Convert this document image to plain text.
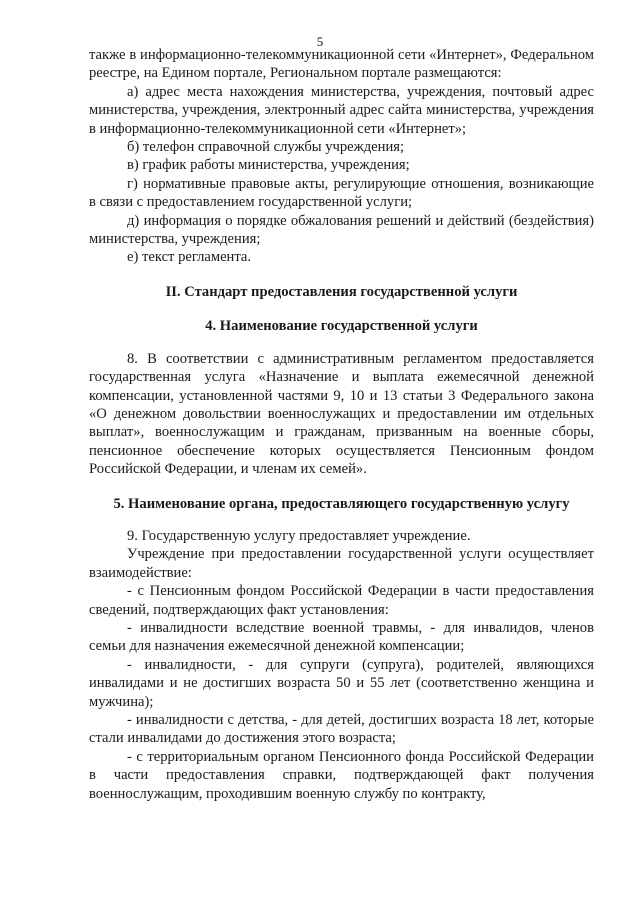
5

также в информационно-телекоммуникационной сети «Интернет», Федеральном реестре, на Едином портале, Региональном портале размещаются:

а) адрес места нахождения министерства, учреждения, почтовый адрес министерства, учреждения, электронный адрес сайта министерства, учреждения в информационно-телекоммуникационной сети «Интернет»;

б) телефон справочной службы учреждения;

в) график работы министерства, учреждения;

г) нормативные правовые акты, регулирующие отношения, возникающие в связи с предоставлением государственной услуги;

д) информация о порядке обжалования решений и действий (бездействия) министерства, учреждения;

е) текст регламента.

II. Стандарт предоставления государственной услуги

4. Наименование государственной услуги

8. В соответствии с административным регламентом предоставляется государственная услуга «Назначение и выплата ежемесячной денежной компенсации, установленной частями 9, 10 и 13 статьи 3 Федерального закона «О денежном довольствии военнослужащих и предоставлении им отдельных выплат», военнослужащим и гражданам, призванным на военные сборы, пенсионное обеспечение которых осуществляется Пенсионным фондом Российской Федерации, и членам их семей».

5. Наименование органа, предоставляющего государственную услугу

9. Государственную услугу предоставляет учреждение.

Учреждение при предоставлении государственной услуги осуществляет взаимодействие:

- с Пенсионным фондом Российской Федерации в части предоставления сведений, подтверждающих факт установления:

- инвалидности вследствие военной травмы, - для инвалидов, членов семьи для назначения ежемесячной денежной компенсации;

- инвалидности, - для супруги (супруга), родителей, являющихся инвалидами и не достигших возраста 50 и 55 лет (соответственно женщина и мужчина);

- инвалидности с детства, - для детей, достигших возраста 18 лет, которые стали инвалидами до достижения этого возраста;

- с территориальным органом Пенсионного фонда Российской Федерации в части предоставления справки, подтверждающей факт получения военнослужащим, проходившим военную службу по контракту,
